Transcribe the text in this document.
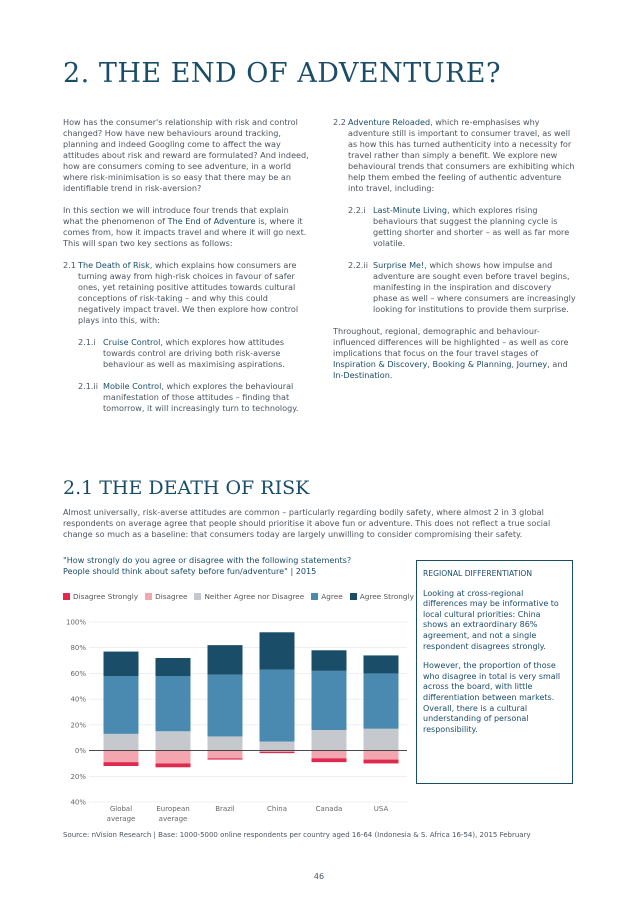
2. THE END OF ADVENTURE?

How has the consumer's relationship with risk and control changed? How have new behaviours around tracking, planning and indeed Googling come to affect the way attitudes about risk and reward are formulated? And indeed, how are consumers coming to see adventure, in a world where risk-minimisation is so easy that there may be an identifiable trend in risk-aversion?

In this section we will introduce four trends that explain what the phenomenon of The End of Adventure is, where it comes from, how it impacts travel and where it will go next. This will span two key sections as follows:

2.1 The Death of Risk, which explains how consumers are turning away from high-risk choices in favour of safer ones, yet retaining positive attitudes towards cultural conceptions of risk-taking – and why this could negatively impact travel. We then explore how control plays into this, with:
2.1.i Cruise Control, which explores how attitudes towards control are driving both risk-averse behaviour as well as maximising aspirations.
2.1.ii Mobile Control, which explores the behavioural manifestation of those attitudes – finding that tomorrow, it will increasingly turn to technology.
2.2 Adventure Reloaded, which re-emphasises why adventure still is important to consumer travel, as well as how this has turned authenticity into a necessity for travel rather than simply a benefit. We explore new behavioural trends that consumers are exhibiting which help them embed the feeling of authentic adventure into travel, including:
2.2.i Last-Minute Living, which explores rising behaviours that suggest the planning cycle is getting shorter and shorter – as well as far more volatile.
2.2.ii Surprise Me!, which shows how impulse and adventure are sought even before travel begins, manifesting in the inspiration and discovery phase as well – where consumers are increasingly looking for institutions to provide them surprise.

Throughout, regional, demographic and behaviour-influenced differences will be highlighted – as well as core implications that focus on the four travel stages of Inspiration & Discovery, Booking & Planning, Journey, and In-Destination.

2.1 THE DEATH OF RISK
Almost universally, risk-averse attitudes are common – particularly regarding bodily safety, where almost 2 in 3 global respondents on average agree that people should prioritise it above fun or adventure. This does not reflect a true social change so much as a baseline: that consumers today are largely unwilling to consider compromising their safety.
"How strongly do you agree or disagree with the following statements?
People should think about safety before fun/adventure" | 2015
Disagree Strongly Disagree Neither Agree nor Disagree Agree Agree Strongly
100%
80%
60%
40%
20%
0%
20%
40%
Global
average
European
average
Brazil	China	Canada	USA
REGIONAL DIFFERENTIATION

Looking at cross-regional differences may be informative to local cultural priorities: China shows an extraordinary 86% agreement, and not a single respondent disagrees strongly.

However, the proportion of those who disagree in total is very small across the board, with little differentiation between markets.

Overall, there is a cultural understanding of personal responsibility.

Source: nVision Research | Base: 1000-5000 online respondents per country aged 16-64 (Indonesia & S. Africa 16-54), 2015 February
46
